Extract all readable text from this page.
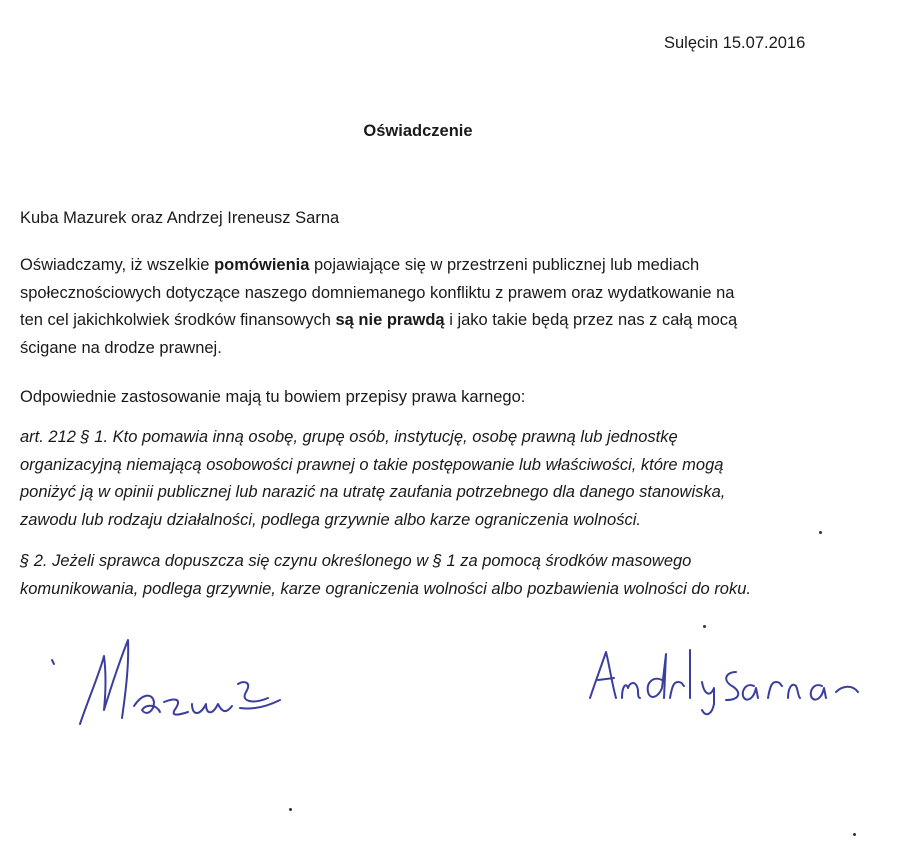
Sulęcin 15.07.2016
Oświadczenie
Kuba Mazurek oraz Andrzej Ireneusz Sarna
Oświadczamy, iż wszelkie pomówienia pojawiające się w przestrzeni publicznej lub mediach
społecznościowych dotyczące naszego domniemanego konfliktu z prawem oraz wydatkowanie na
ten cel jakichkolwiek środków finansowych są nie prawdą i jako takie będą przez nas z całą mocą
ścigane na drodze prawnej.
Odpowiednie zastosowanie mają tu bowiem przepisy prawa karnego:
art. 212 § 1. Kto pomawia inną osobę, grupę osób, instytucję, osobę prawną lub jednostkę
organizacyjną niemającą osobowości prawnej o takie postępowanie lub właściwości, które mogą
poniżyć ją w opinii publicznej lub narazić na utratę zaufania potrzebnego dla danego stanowiska,
zawodu lub rodzaju działalności, podlega grzywnie albo karze ograniczenia wolności.
§ 2. Jeżeli sprawca dopuszcza się czynu określonego w § 1 za pomocą środków masowego
komunikowania, podlega grzywnie, karze ograniczenia wolności albo pozbawienia wolności do roku.
